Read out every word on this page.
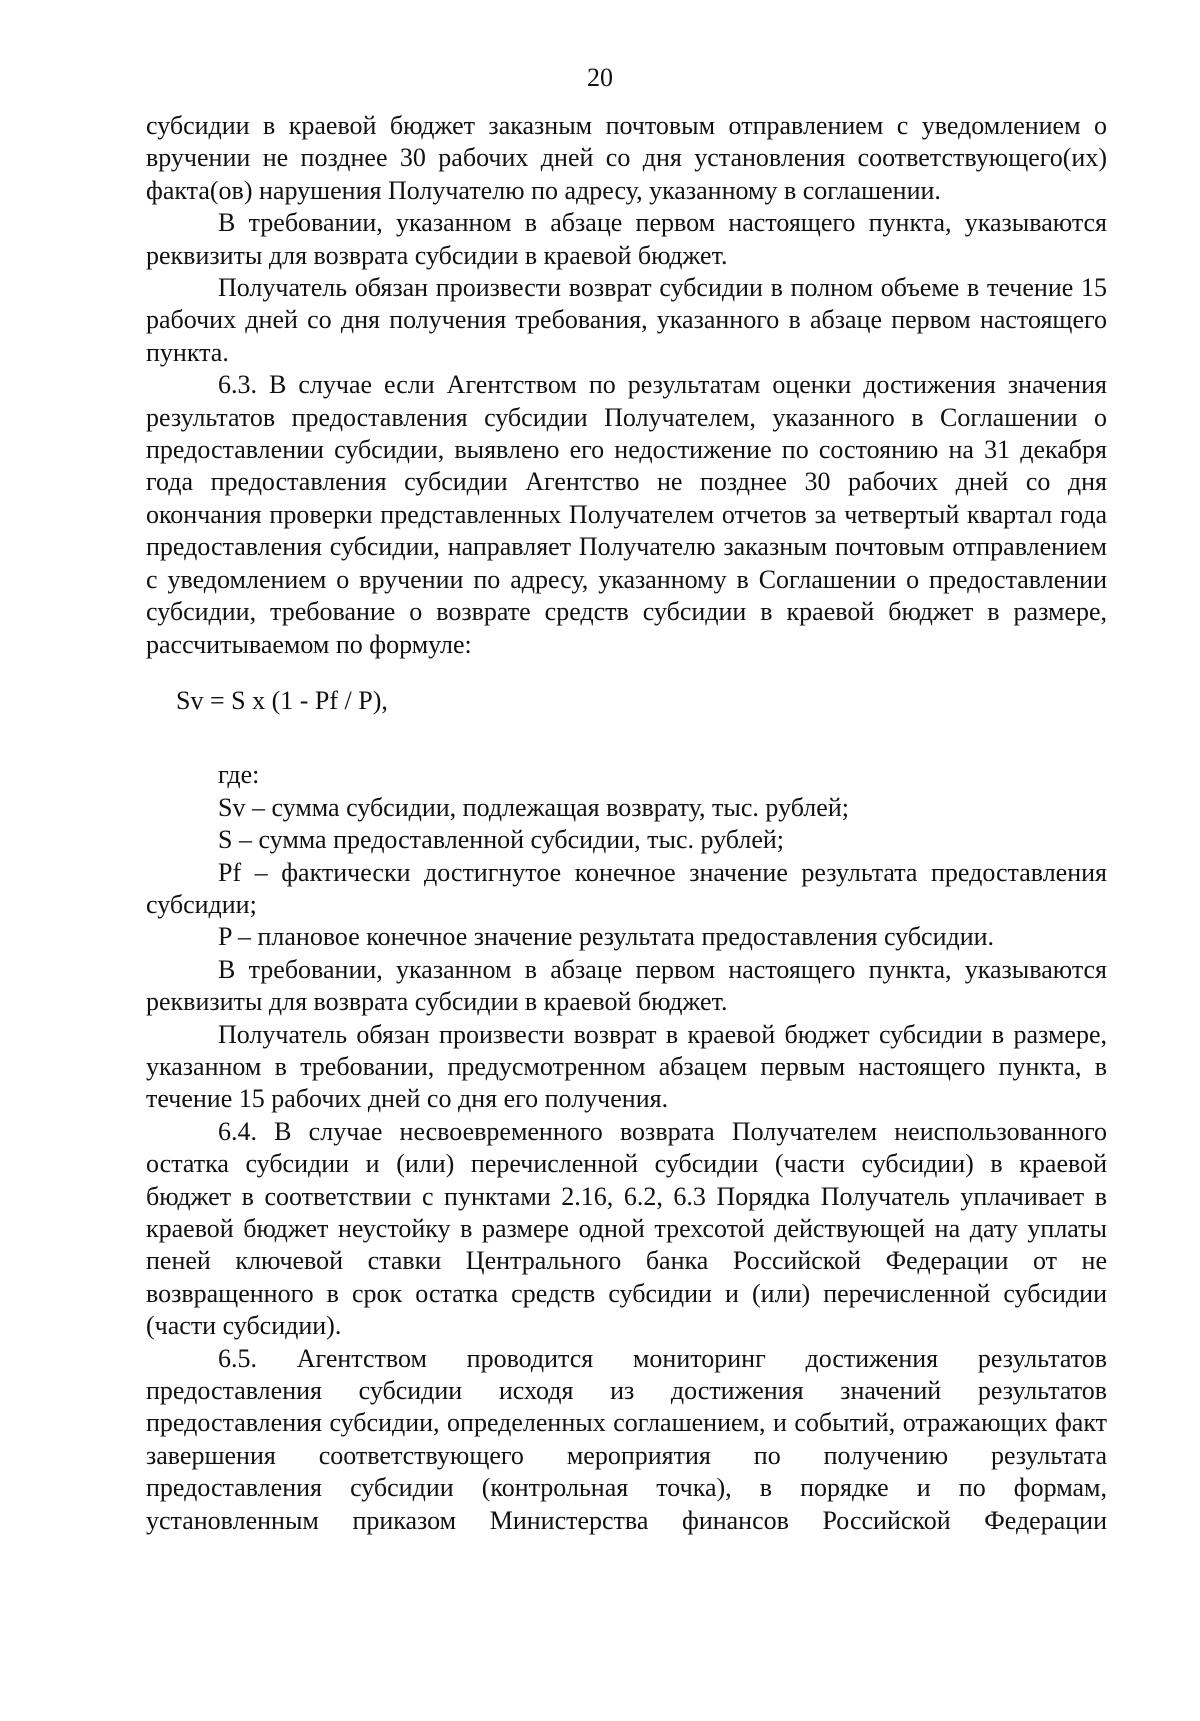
20

субсидии в краевой бюджет заказным почтовым отправлением с уведомлением о вручении не позднее 30 рабочих дней со дня установления соответствующего(их) факта(ов) нарушения Получателю по адресу, указанному в соглашении.

В требовании, указанном в абзаце первом настоящего пункта, указываются реквизиты для возврата субсидии в краевой бюджет.

Получатель обязан произвести возврат субсидии в полном объеме в течение 15 рабочих дней со дня получения требования, указанного в абзаце первом настоящего пункта.

6.3. В случае если Агентством по результатам оценки достижения значения результатов предоставления субсидии Получателем, указанного в Соглашении о предоставлении субсидии, выявлено его недостижение по состоянию на 31 декабря года предоставления субсидии Агентство не позднее 30 рабочих дней со дня окончания проверки представленных Получателем отчетов за четвертый квартал года предоставления субсидии, направляет Получателю заказным почтовым отправлением с уведомлением о вручении по адресу, указанному в Соглашении о предоставлении субсидии, требование о возврате средств субсидии в краевой бюджет в размере, рассчитываемом по формуле:

Sv = S x (1 - Pf / P),

где:

Sv – сумма субсидии, подлежащая возврату, тыс. рублей;

S – сумма предоставленной субсидии, тыс. рублей;

Pf – фактически достигнутое конечное значение результата предоставления субсидии;

P – плановое конечное значение результата предоставления субсидии.

В требовании, указанном в абзаце первом настоящего пункта, указываются реквизиты для возврата субсидии в краевой бюджет.

Получатель обязан произвести возврат в краевой бюджет субсидии в размере, указанном в требовании, предусмотренном абзацем первым настоящего пункта, в течение 15 рабочих дней со дня его получения.

6.4. В случае несвоевременного возврата Получателем неиспользованного остатка субсидии и (или) перечисленной субсидии (части субсидии) в краевой бюджет в соответствии с пунктами 2.16, 6.2, 6.3 Порядка Получатель уплачивает в краевой бюджет неустойку в размере одной трехсотой действующей на дату уплаты пеней ключевой ставки Центрального банка Российской Федерации от не возвращенного в срок остатка средств субсидии и (или) перечисленной субсидии (части субсидии).

6.5. Агентством проводится мониторинг достижения результатов предоставления субсидии исходя из достижения значений результатов предоставления субсидии, определенных соглашением, и событий, отражающих факт завершения соответствующего мероприятия по получению результата предоставления субсидии (контрольная точка), в порядке и по формам, установленным приказом Министерства финансов Российской Федерации
